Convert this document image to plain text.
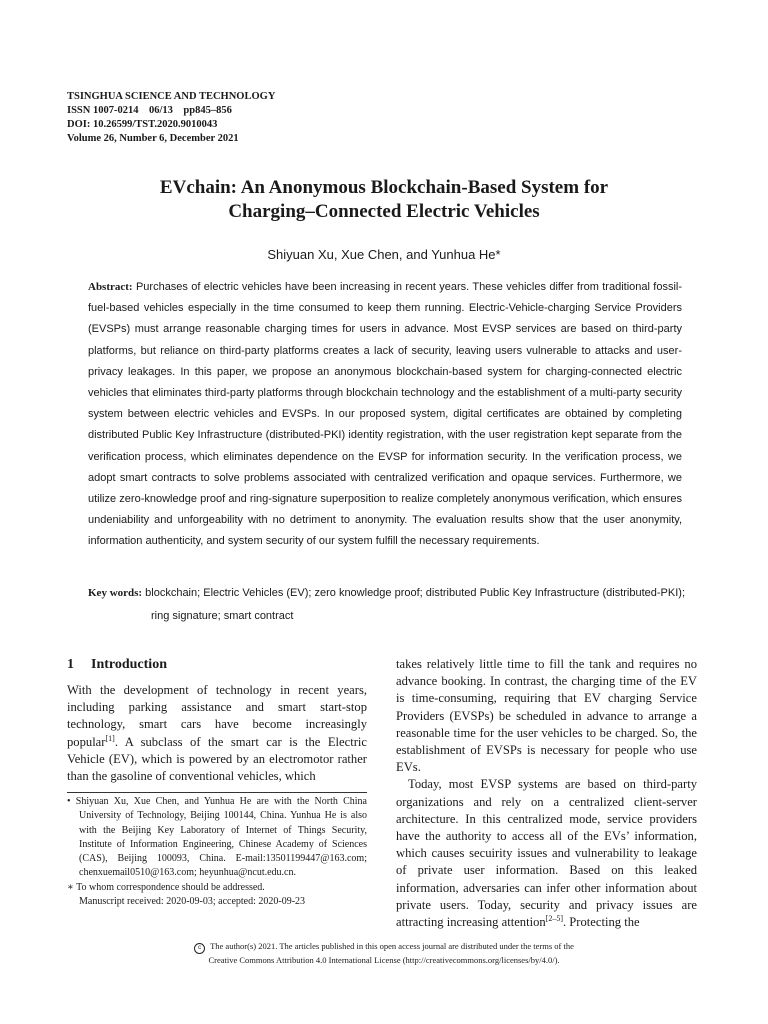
TSINGHUA SCIENCE AND TECHNOLOGY
ISSN 1007-0214    06/13    pp845–856
DOI: 10.26599/TST.2020.9010043
Volume 26, Number 6, December 2021
EVchain: An Anonymous Blockchain-Based System for
Charging–Connected Electric Vehicles
Shiyuan Xu, Xue Chen, and Yunhua He*
Abstract: Purchases of electric vehicles have been increasing in recent years. These vehicles differ from traditional fossil-fuel-based vehicles especially in the time consumed to keep them running. Electric-Vehicle-charging Service Providers (EVSPs) must arrange reasonable charging times for users in advance. Most EVSP services are based on third-party platforms, but reliance on third-party platforms creates a lack of security, leaving users vulnerable to attacks and user-privacy leakages. In this paper, we propose an anonymous blockchain-based system for charging-connected electric vehicles that eliminates third-party platforms through blockchain technology and the establishment of a multi-party security system between electric vehicles and EVSPs. In our proposed system, digital certificates are obtained by completing distributed Public Key Infrastructure (distributed-PKI) identity registration, with the user registration kept separate from the verification process, which eliminates dependence on the EVSP for information security. In the verification process, we adopt smart contracts to solve problems associated with centralized verification and opaque services. Furthermore, we utilize zero-knowledge proof and ring-signature superposition to realize completely anonymous verification, which ensures undeniability and unforgeability with no detriment to anonymity. The evaluation results show that the user anonymity, information authenticity, and system security of our system fulfill the necessary requirements.
Key words: blockchain; Electric Vehicles (EV); zero knowledge proof; distributed Public Key Infrastructure (distributed-PKI);
ring signature; smart contract
1 Introduction

With the development of technology in recent years, including parking assistance and smart start-stop technology, smart cars have become increasingly popular[1]. A subclass of the smart car is the Electric Vehicle (EV), which is powered by an electromotor rather than the gasoline of conventional vehicles, which

• Shiyuan Xu, Xue Chen, and Yunhua He are with the North China University of Technology, Beijing 100144, China. Yunhua He is also with the Beijing Key Laboratory of Internet of Things Security, Institute of Information Engineering, Chinese Academy of Sciences (CAS), Beijing 100093, China. E-mail:13501199447@163.com; chenxuemail0510@163.com; heyunhua@ncut.edu.cn.

∗ To whom correspondence should be addressed.

Manuscript received: 2020-09-03; accepted: 2020-09-23

takes relatively little time to fill the tank and requires no advance booking. In contrast, the charging time of the EV is time-consuming, requiring that EV charging Service Providers (EVSPs) be scheduled in advance to arrange a reasonable time for the user vehicles to be charged. So, the establishment of EVSPs is necessary for people who use EVs.

Today, most EVSP systems are based on third-party organizations and rely on a centralized client-server architecture. In this centralized mode, service providers have the authority to access all of the EVs’ information, which causes secuirity issues and vulnerability to leakage of private user information. Based on this leaked information, adversaries can infer other information about private users. Today, security and privacy issues are attracting increasing attention[2–5]. Protecting the

c The author(s) 2021. The articles published in this open access journal are distributed under the terms of the
Creative Commons Attribution 4.0 International License (http://creativecommons.org/licenses/by/4.0/).
